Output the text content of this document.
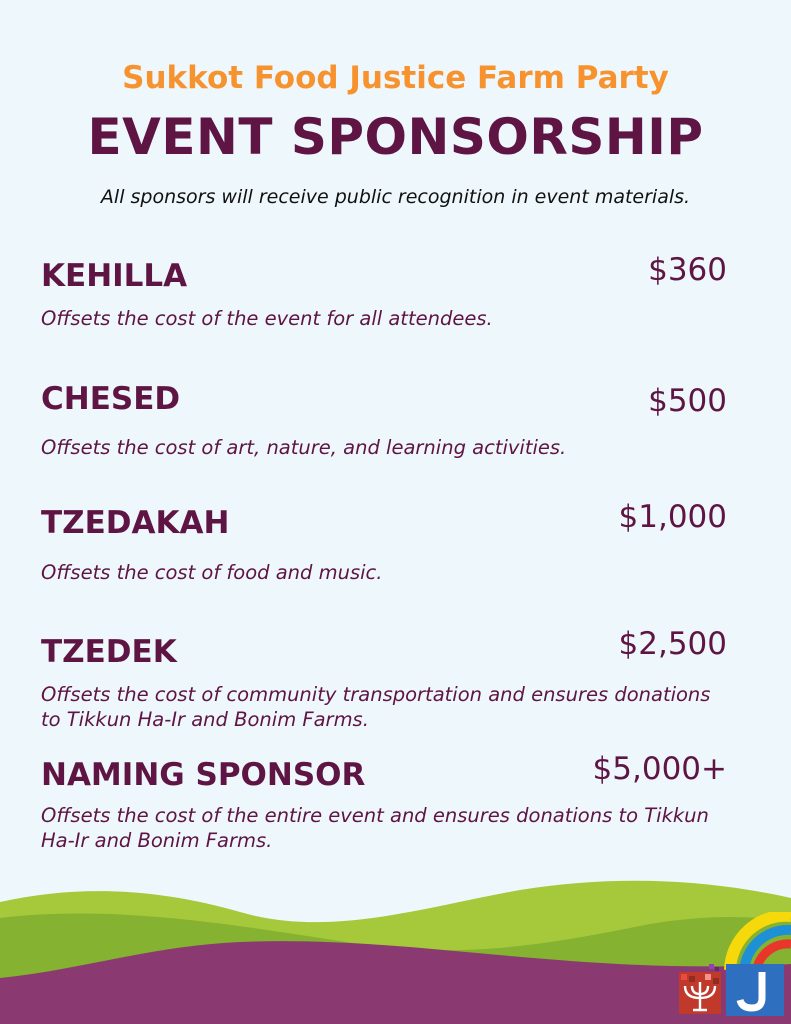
Sukkot Food Justice Farm Party
EVENT SPONSORSHIP
All sponsors will receive public recognition in event materials.
KEHILLA	$360
Offsets the cost of the event for all attendees.
CHESED	$500
Offsets the cost of art, nature, and learning activities.
TZEDAKAH	$1,000
Offsets the cost of food and music.
TZEDEK	$2,500
Offsets the cost of community transportation and ensures donations to Tikkun Ha-Ir and Bonim Farms.
NAMING SPONSOR	$5,000+
Offsets the cost of the entire event and ensures donations to Tikkun Ha-Ir and Bonim Farms.
